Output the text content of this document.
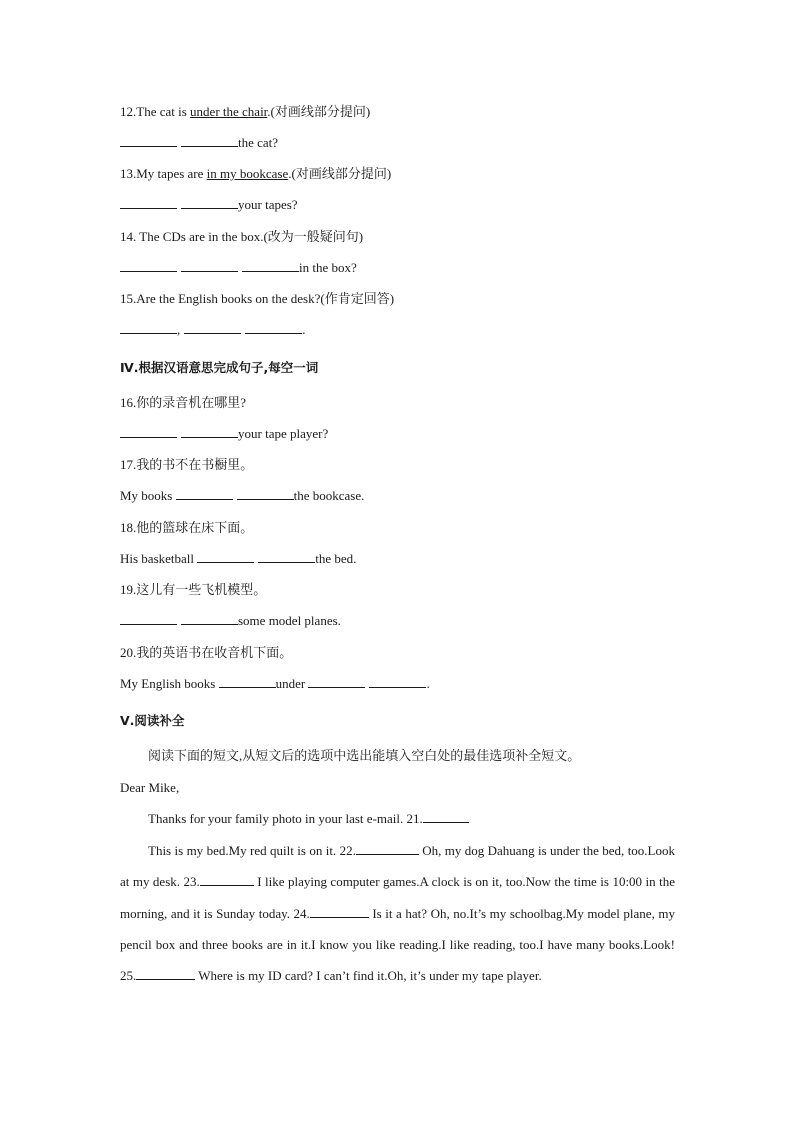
12.The cat is under the chair.(对画线部分提问)
the cat?
13.My tapes are in my bookcase.(对画线部分提问)
your tapes?
14. The CDs are in the box.(改为一般疑问句)
in the box?
15.Are the English books on the desk?(作肯定回答)
,	.
Ⅳ.根据汉语意思完成句子,每空一词
16.你的录音机在哪里?
your tape player?
17.我的书不在书橱里。
My books	the bookcase.
18.他的篮球在床下面。
His basketball	the bed.
19.这儿有一些飞机模型。
some model planes.
20.我的英语书在收音机下面。
My English books	under	.
Ⅴ.阅读补全
阅读下面的短文,从短文后的选项中选出能填入空白处的最佳选项补全短文。
Dear Mike,
Thanks for your family photo in your last e-mail. 21.
This is my bed.My red quilt is on it. 22.	Oh, my dog Dahuang is under the bed, too.Look at my desk. 23.	I like playing computer games.A clock is on it, too.Now the time is 10:00 in the morning, and it is Sunday today. 24.	Is it a hat? Oh, no.It’s my schoolbag.My model plane, my pencil box and three books are in it.I know you like reading.I like reading, too.I have many books.Look! 25.	Where is my ID card? I can’t find it.Oh, it’s under my tape player.
